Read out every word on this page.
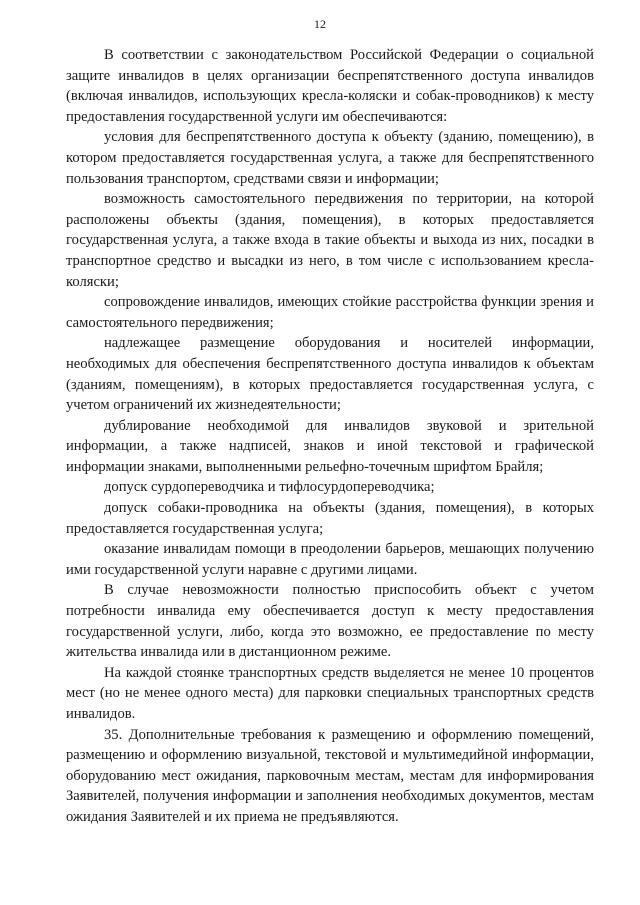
12

В соответствии с законодательством Российской Федерации о социальной защите инвалидов в целях организации беспрепятственного доступа инвалидов (включая инвалидов, использующих кресла-коляски и собак-проводников) к месту предоставления государственной услуги им обеспечиваются:

условия для беспрепятственного доступа к объекту (зданию, помещению), в котором предоставляется государственная услуга, а также для беспрепятственного пользования транспортом, средствами связи и информации;

возможность самостоятельного передвижения по территории, на которой расположены объекты (здания, помещения), в которых предоставляется государственная услуга, а также входа в такие объекты и выхода из них, посадки в транспортное средство и высадки из него, в том числе с использованием кресла-коляски;

сопровождение инвалидов, имеющих стойкие расстройства функции зрения и самостоятельного передвижения;

надлежащее размещение оборудования и носителей информации, необходимых для обеспечения беспрепятственного доступа инвалидов к объектам (зданиям, помещениям), в которых предоставляется государственная услуга, с учетом ограничений их жизнедеятельности;

дублирование необходимой для инвалидов звуковой и зрительной информации, а также надписей, знаков и иной текстовой и графической информации знаками, выполненными рельефно-точечным шрифтом Брайля;

допуск сурдопереводчика и тифлосурдопереводчика;

допуск собаки-проводника на объекты (здания, помещения), в которых предоставляется государственная услуга;

оказание инвалидам помощи в преодолении барьеров, мешающих получению ими государственной услуги наравне с другими лицами.

В случае невозможности полностью приспособить объект с учетом потребности инвалида ему обеспечивается доступ к месту предоставления государственной услуги, либо, когда это возможно, ее предоставление по месту жительства инвалида или в дистанционном режиме.

На каждой стоянке транспортных средств выделяется не менее 10 процентов мест (но не менее одного места) для парковки специальных транспортных средств инвалидов.

35. Дополнительные требования к размещению и оформлению помещений, размещению и оформлению визуальной, текстовой и мультимедийной информации, оборудованию мест ожидания, парковочным местам, местам для информирования Заявителей, получения информации и заполнения необходимых документов, местам ожидания Заявителей и их приема не предъявляются.
